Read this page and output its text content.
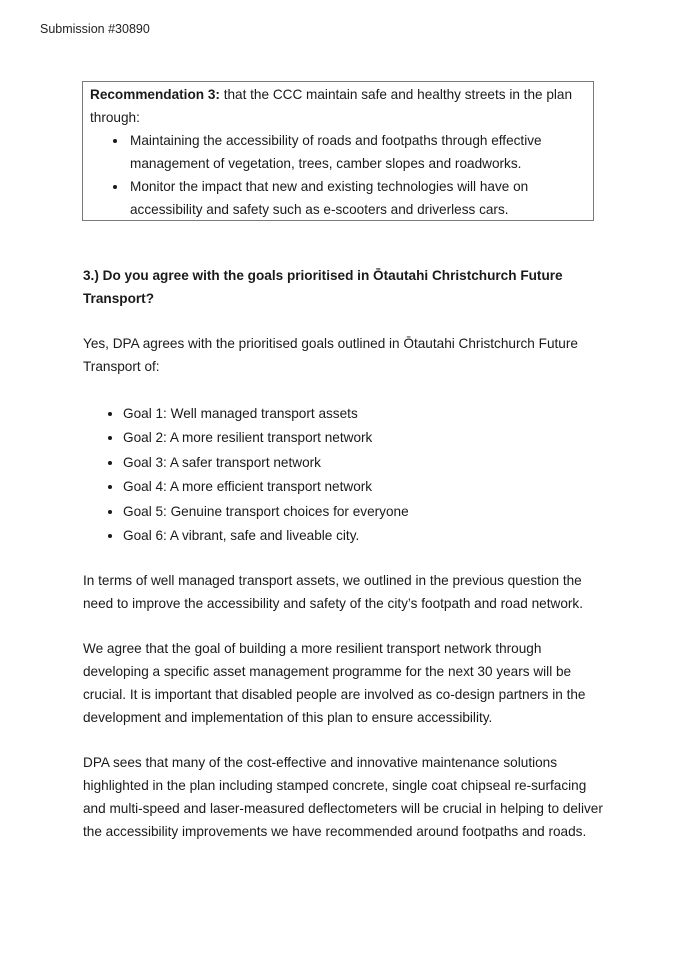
Submission #30890
Recommendation 3: that the CCC maintain safe and healthy streets in the plan through:
• Maintaining the accessibility of roads and footpaths through effective management of vegetation, trees, camber slopes and roadworks.
• Monitor the impact that new and existing technologies will have on accessibility and safety such as e-scooters and driverless cars.

3.) Do you agree with the goals prioritised in Ōtautahi Christchurch Future Transport?

Yes, DPA agrees with the prioritised goals outlined in Ōtautahi Christchurch Future Transport of:

• Goal 1: Well managed transport assets
• Goal 2: A more resilient transport network
• Goal 3: A safer transport network
• Goal 4: A more efficient transport network
• Goal 5: Genuine transport choices for everyone
• Goal 6: A vibrant, safe and liveable city.

In terms of well managed transport assets, we outlined in the previous question the need to improve the accessibility and safety of the city’s footpath and road network.

We agree that the goal of building a more resilient transport network through developing a specific asset management programme for the next 30 years will be crucial. It is important that disabled people are involved as co-design partners in the development and implementation of this plan to ensure accessibility.

DPA sees that many of the cost-effective and innovative maintenance solutions highlighted in the plan including stamped concrete, single coat chipseal re-surfacing and multi-speed and laser-measured deflectometers will be crucial in helping to deliver the accessibility improvements we have recommended around footpaths and roads.
